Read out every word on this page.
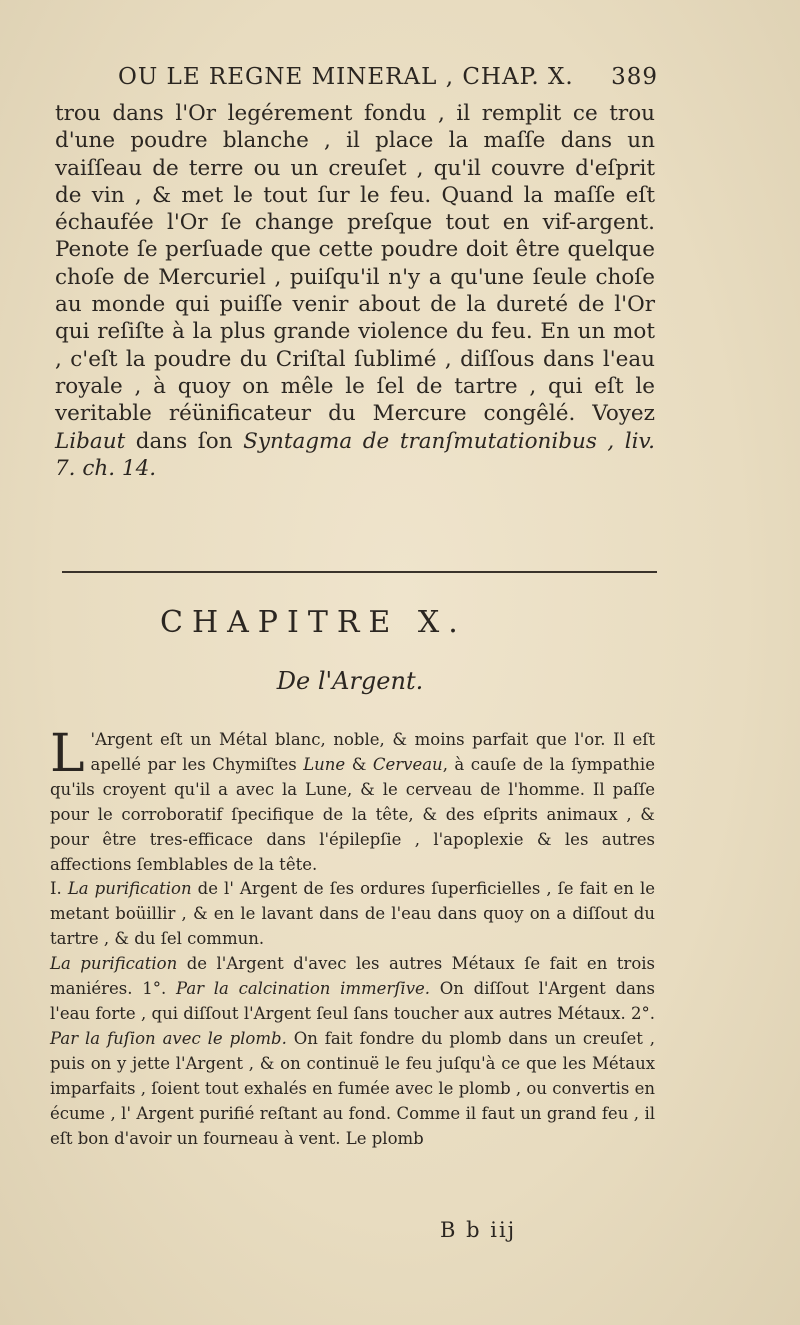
OU LE REGNE MINERAL , CHAP. X. 389

trou dans l'Or legérement fondu , il remplit ce trou d'une poudre blanche , il place la maſſe dans un vaiſſeau de terre ou un creuſet , qu'il couvre d'eſprit de vin , & met le tout ſur le feu. Quand la maſſe eſt échaufée l'Or ſe change preſque tout en vif-argent. Penote ſe perſuade que cette poudre doit être quelque choſe de Mercuriel , puiſqu'il n'y a qu'une ſeule choſe au monde qui puiſſe venir about de la dureté de l'Or qui reſiſte à la plus grande violence du feu. En un mot , c'eſt la poudre du Criſtal ſublimé , diſſous dans l'eau royale , à quoy on mêle le ſel de tartre , qui eſt le veritable réünificateur du Mercure congêlé. Voyez Libaut dans ſon Syntagma de tranſmutationibus , liv. 7. ch. 14.

CHAPITRE X.
De l'Argent.

L 'Argent eſt un Métal blanc, noble, & moins parfait que l'or. Il eſt apellé par les Chymiſtes Lune & Cerveau, à cauſe de la ſympathie qu'ils croyent qu'il a avec la Lune, & le cerveau de l'homme. Il paſſe pour le corroboratif ſpecifique de la tête, & des eſprits animaux , & pour être tres-efficace dans l'épilepſie , l'apoplexie & les autres affections ſemblables de la tête.

I. La purification de l' Argent de ſes ordures ſuperficielles , ſe fait en le metant boüillir , & en le lavant dans de l'eau dans quoy on a diſſout du tartre , & du ſel commun.

La purification de l'Argent d'avec les autres Métaux ſe fait en trois maniéres. 1°. Par la calcination immerſive. On diſſout l'Argent dans l'eau forte , qui diſſout l'Argent ſeul ſans toucher aux autres Métaux. 2°. Par la fuſion avec le plomb. On fait fondre du plomb dans un creuſet , puis on y jette l'Argent , & on continuë le feu juſqu'à ce que les Métaux imparfaits , ſoient tout exhalés en fumée avec le plomb , ou convertis en écume , l' Argent purifié reſtant au fond. Comme il faut un grand feu , il eſt bon d'avoir un fourneau à vent. Le plomb

B b iij
